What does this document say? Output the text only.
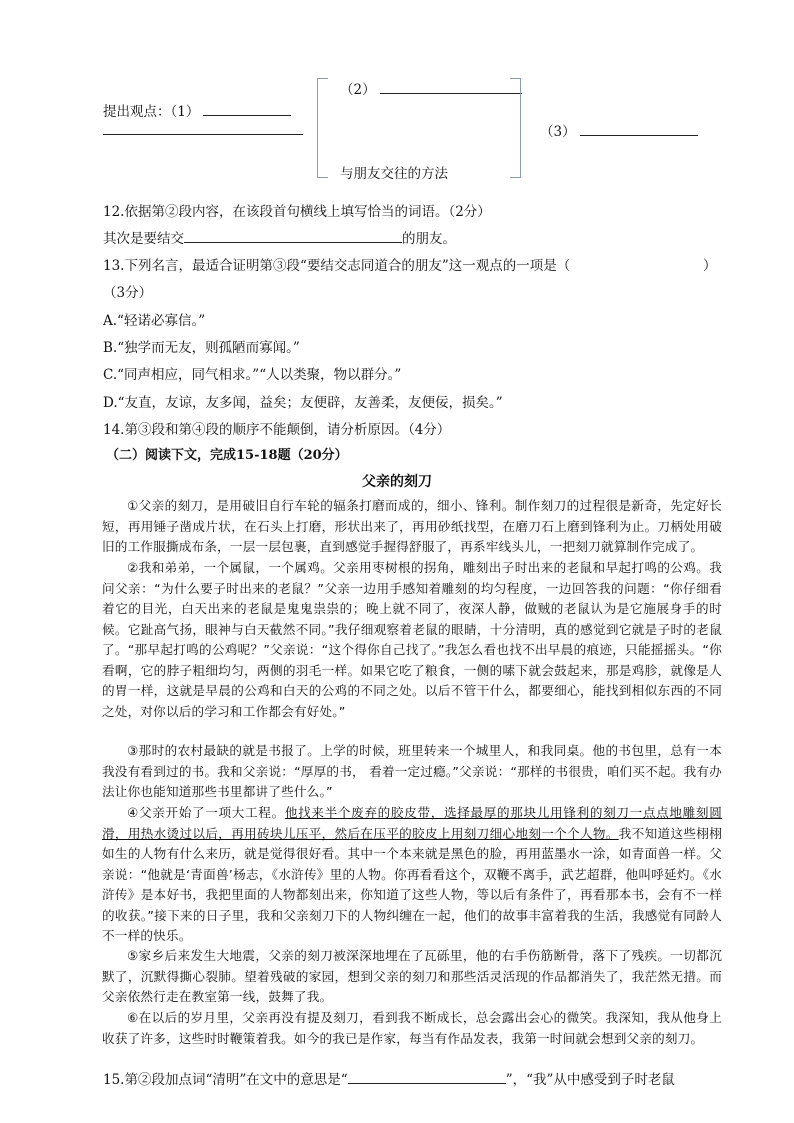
（2）
提出观点：（1）
（3）
与朋友交往的方法
12.依据第②段内容，在该段首句横线上填写恰当的词语。（2分）
其次是要结交	的朋友。
13.下列名言，最适合证明第③段“要结交志同道合的朋友”这一观点的一项是（	）
（3分）
A.“轻诺必寡信。”
B.“独学而无友，则孤陋而寡闻。”
C.“同声相应，同气相求。”“人以类聚，物以群分。”
D.“友直，友谅，友多闻，益矣；友便辟，友善柔，友便佞，损矣。”
14.第③段和第④段的顺序不能颠倒，请分析原因。（4分）
（二）阅读下文，完成15-18题（20分）
父亲的刻刀
①父亲的刻刀，是用破旧自行车轮的辐条打磨而成的，细小、锋利。制作刻刀的过程很是新奇，先定好长短，再用锤子凿成片状，在石头上打磨，形状出来了，再用砂纸找型，在磨刀石上磨到锋利为止。刀柄处用破旧的工作服撕成布条，一层一层包裹，直到感觉手握得舒服了，再系牢线头儿，一把刻刀就算制作完成了。
②我和弟弟，一个属鼠，一个属鸡。父亲用枣树根的拐角，雕刻出子时出来的老鼠和早起打鸣的公鸡。我问父亲：“为什么要子时出来的老鼠？”父亲一边用手感知着雕刻的均匀程度，一边回答我的问题：“你仔细看着它的目光，白天出来的老鼠是鬼鬼祟祟的；晚上就不同了，夜深人静，做贼的老鼠认为是它施展身手的时候。它趾高气扬，眼神与白天截然不同。”我仔细观察着老鼠的眼睛，十分清明，真的感觉到它就是子时的老鼠了。“那早起打鸣的公鸡呢？”父亲说：“这个得你自己找了。”我怎么看也找不出早晨的痕迹，只能摇摇头。“你看啊，它的脖子粗细均匀，两侧的羽毛一样。如果它吃了粮食，一侧的嗉下就会鼓起来，那是鸡胗，就像是人的胃一样，这就是早晨的公鸡和白天的公鸡的不同之处。以后不管干什么，都要细心，能找到相似东西的不同之处，对你以后的学习和工作都会有好处。”
③那时的农村最缺的就是书报了。上学的时候，班里转来一个城里人，和我同桌。他的书包里，总有一本我没有看到过的书。我和父亲说：“厚厚的书， 看着一定过瘾。”父亲说：“那样的书很贵，咱们买不起。我有办法让你也能知道那些书里都讲了些什么。”
④父亲开始了一项大工程。他找来半个废弃的胶皮带，选择最厚的那块儿用锋利的刻刀一点点地雕刻圆滑，用热水烫过以后，再用砖块儿压平，然后在压平的胶皮上用刻刀细心地刻一个个人物。我不知道这些栩栩如生的人物有什么来历，就是觉得很好看。其中一个本来就是黑色的脸，再用蓝墨水一涂，如青面兽一样。父亲说：“他就是‘青面兽’杨志，《水浒传》里的人物。你再看看这个，双鞭不离手，武艺超群，他叫呼延灼。《水浒传》是本好书，我把里面的人物都刻出来，你知道了这些人物，等以后有条件了，再看那本书，会有不一样的收获。”接下来的日子里，我和父亲刻刀下的人物纠缠在一起，他们的故事丰富着我的生活，我感觉有同龄人不一样的快乐。
⑤家乡后来发生大地震，父亲的刻刀被深深地埋在了瓦砾里，他的右手伤筋断骨，落下了残疾。一切都沉默了，沉默得撕心裂肺。望着残破的家园，想到父亲的刻刀和那些活灵活现的作品都消失了，我茫然无措。而父亲依然行走在教室第一线，鼓舞了我。
⑥在以后的岁月里，父亲再没有提及刻刀，看到我不断成长，总会露出会心的微笑。我深知，我从他身上收获了许多，这些时时鞭策着我。如今的我已是作家，每当有作品发表，我第一时间就会想到父亲的刻刀。
15.第②段加点词“清明”在文中的意思是“	”，“我”从中感受到子时老鼠
